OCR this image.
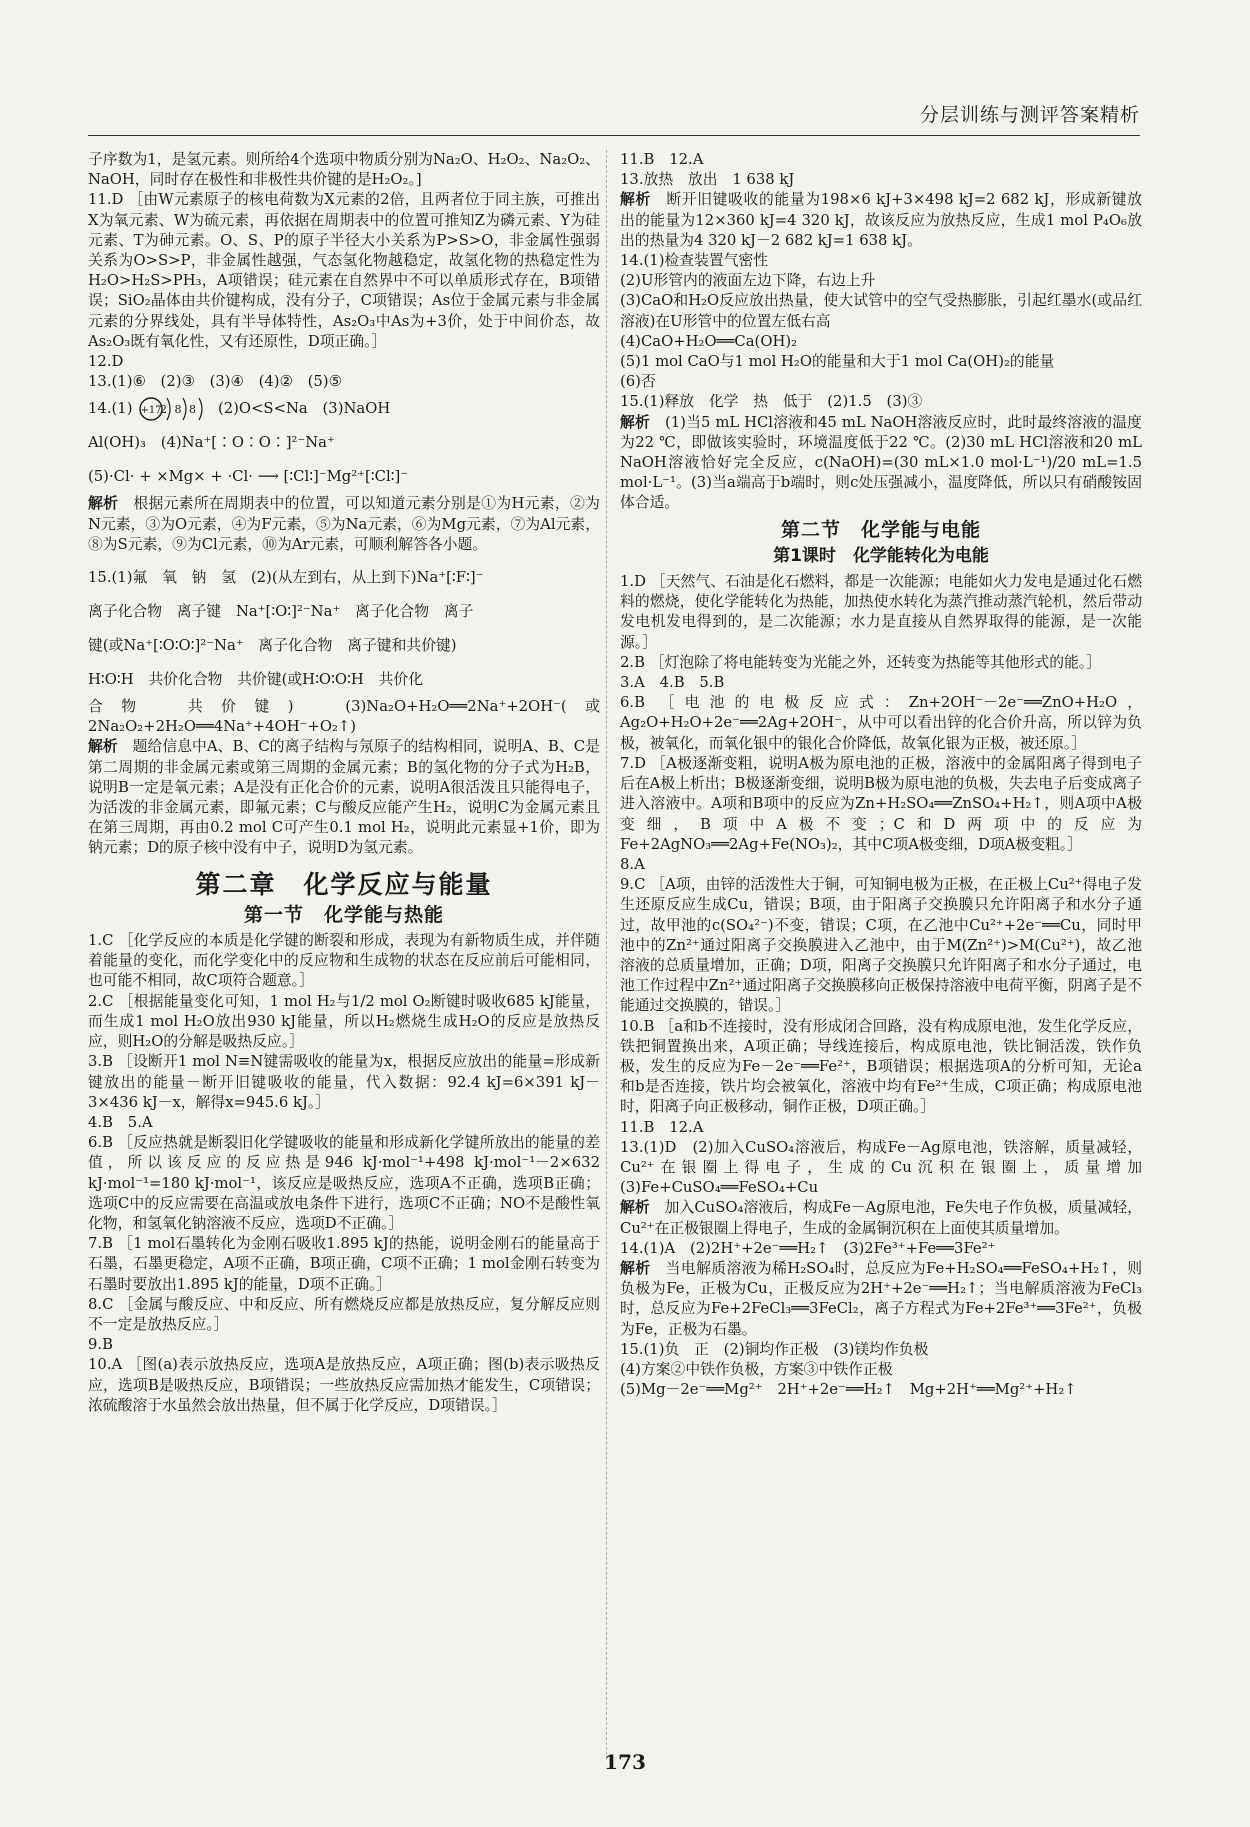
分层训练与测评答案精析

子序数为1，是氢元素。则所给4个选项中物质分别为Na₂O、H₂O₂、Na₂O₂、NaOH，同时存在极性和非极性共价键的是H₂O₂。]

11.D ［由W元素原子的核电荷数为X元素的2倍，且两者位于同主族，可推出X为氧元素、W为硫元素，再依据在周期表中的位置可推知Z为磷元素、Y为硅元素、T为砷元素。O、S、P的原子半径大小关系为P>S>O，非金属性强弱关系为O>S>P，非金属性越强，气态氢化物越稳定，故氢化物的热稳定性为H₂O>H₂S>PH₃，A项错误；硅元素在自然界中不可以单质形式存在，B项错误；SiO₂晶体由共价键构成，没有分子，C项错误；As位于金属元素与非金属元素的分界线处，具有半导体特性，As₂O₃中As为+3价，处于中间价态，故As₂O₃既有氧化性，又有还原性，D项正确。］

12.D

13.(1)⑥　(2)③　(3)④　(4)②　(5)⑤

14.(1) +17
2 8 8 (2)O<S<Na　(3)NaOH

Al(OH)₃　(4)Na⁺[∶O∶O∶]²⁻Na⁺

(5)·Cl· + ×Mg× + ·Cl· ⟶ [∶Cl∶]⁻Mg²⁺[∶Cl∶]⁻

解析　 根据元素所在周期表中的位置，可以知道元素分别是①为H元素，②为N元素，③为O元素，④为F元素，⑤为Na元素，⑥为Mg元素，⑦为Al元素，⑧为S元素，⑨为Cl元素，⑩为Ar元素，可顺利解答各小题。

15.(1)氟　氧　钠　氢　(2)(从左到右，从上到下)Na⁺[∶F∶]⁻

离子化合物　离子键　Na⁺[∶O∶]²⁻Na⁺　离子化合物　离子

键(或Na⁺[∶O∶O∶]²⁻Na⁺　离子化合物　离子键和共价键)

H∶O∶H　共价化合物　共价键(或H∶O∶O∶H　共价化

合物　共价键)　(3)Na₂O+H₂O══2Na⁺+2OH⁻(或2Na₂O₂+2H₂O══4Na⁺+4OH⁻+O₂↑)

解析　 题给信息中A、B、C的离子结构与氖原子的结构相同，说明A、B、C是第二周期的非金属元素或第三周期的金属元素；B的氢化物的分子式为H₂B，说明B一定是氧元素；A是没有正化合价的元素，说明A很活泼且只能得电子，为活泼的非金属元素，即氟元素；C与酸反应能产生H₂，说明C为金属元素且在第三周期，再由0.2 mol C可产生0.1 mol H₂，说明此元素显+1价，即为钠元素；D的原子核中没有中子，说明D为氢元素。

第二章　化学反应与能量
第一节　化学能与热能

1.C ［化学反应的本质是化学键的断裂和形成，表现为有新物质生成，并伴随着能量的变化，而化学变化中的反应物和生成物的状态在反应前后可能相同，也可能不相同，故C项符合题意。］

2.C ［根据能量变化可知，1 mol H₂与1/2 mol O₂断键时吸收685 kJ能量，而生成1 mol H₂O放出930 kJ能量，所以H₂燃烧生成H₂O的反应是放热反应，则H₂O的分解是吸热反应。］

3.B ［设断开1 mol N≡N键需吸收的能量为x，根据反应放出的能量=形成新键放出的能量－断开旧键吸收的能量，代入数据：92.4 kJ=6×391 kJ－3×436 kJ－x，解得x=945.6 kJ。］

4.B　5.A

6.B ［反应热就是断裂旧化学键吸收的能量和形成新化学键所放出的能量的差值，所以该反应的反应热是946 kJ·mol⁻¹+498 kJ·mol⁻¹－2×632 kJ·mol⁻¹=180 kJ·mol⁻¹，该反应是吸热反应，选项A不正确，选项B正确；选项C中的反应需要在高温或放电条件下进行，选项C不正确；NO不是酸性氧化物，和氢氧化钠溶液不反应，选项D不正确。］

7.B ［1 mol石墨转化为金刚石吸收1.895 kJ的热能，说明金刚石的能量高于石墨，石墨更稳定，A项不正确，B项正确，C项不正确；1 mol金刚石转变为石墨时要放出1.895 kJ的能量，D项不正确。］

8.C ［金属与酸反应、中和反应、所有燃烧反应都是放热反应，复分解反应则不一定是放热反应。］

9.B

10.A ［图(a)表示放热反应，选项A是放热反应，A项正确；图(b)表示吸热反应，选项B是吸热反应，B项错误；一些放热反应需加热才能发生，C项错误；浓硫酸溶于水虽然会放出热量，但不属于化学反应，D项错误。］

11.B　12.A

13.放热　放出　1 638 kJ

解析　 断开旧键吸收的能量为198×6 kJ+3×498 kJ=2 682 kJ，形成新键放出的能量为12×360 kJ=4 320 kJ，故该反应为放热反应，生成1 mol P₄O₆放出的热量为4 320 kJ－2 682 kJ=1 638 kJ。

14.(1)检查装置气密性

(2)U形管内的液面左边下降，右边上升

(3)CaO和H₂O反应放出热量，使大试管中的空气受热膨胀，引起红墨水(或品红溶液)在U形管中的位置左低右高

(4)CaO+H₂O══Ca(OH)₂

(5)1 mol CaO与1 mol H₂O的能量和大于1 mol Ca(OH)₂的能量

(6)否

15.(1)释放　化学　热　低于　(2)1.5　(3)③

解析　 (1)当5 mL HCl溶液和45 mL NaOH溶液反应时，此时最终溶液的温度为22 ℃，即做该实验时，环境温度低于22 ℃。(2)30 mL HCl溶液和20 mL NaOH溶液恰好完全反应，c(NaOH)=(30 mL×1.0 mol·L⁻¹)/20 mL=1.5 mol·L⁻¹。(3)当a端高于b端时，则c处压强减小，温度降低，所以只有硝酸铵固体合适。

第二节　化学能与电能
第1课时　化学能转化为电能

1.D ［天然气、石油是化石燃料，都是一次能源；电能如火力发电是通过化石燃料的燃烧，使化学能转化为热能，加热使水转化为蒸汽推动蒸汽轮机，然后带动发电机发电得到的，是二次能源；水力是直接从自然界取得的能源，是一次能源。］

2.B ［灯泡除了将电能转变为光能之外，还转变为热能等其他形式的能。］

3.A　4.B　5.B

6.B ［电池的电极反应式：Zn+2OH⁻－2e⁻══ZnO+H₂O，Ag₂O+H₂O+2e⁻══2Ag+2OH⁻，从中可以看出锌的化合价升高，所以锌为负极，被氧化，而氧化银中的银化合价降低，故氧化银为正极，被还原。］

7.D ［A极逐渐变粗，说明A极为原电池的正极，溶液中的金属阳离子得到电子后在A极上析出；B极逐渐变细，说明B极为原电池的负极，失去电子后变成离子进入溶液中。A项和B项中的反应为Zn+H₂SO₄══ZnSO₄+H₂↑，则A项中A极变细，B项中A极不变；C和D两项中的反应为Fe+2AgNO₃══2Ag+Fe(NO₃)₂，其中C项A极变细，D项A极变粗。］

8.A

9.C ［A项，由锌的活泼性大于铜，可知铜电极为正极，在正极上Cu²⁺得电子发生还原反应生成Cu，错误；B项，由于阳离子交换膜只允许阳离子和水分子通过，故甲池的c(SO₄²⁻)不变，错误；C项，在乙池中Cu²⁺+2e⁻══Cu，同时甲池中的Zn²⁺通过阳离子交换膜进入乙池中，由于M(Zn²⁺)>M(Cu²⁺)，故乙池溶液的总质量增加，正确；D项，阳离子交换膜只允许阳离子和水分子通过，电池工作过程中Zn²⁺通过阳离子交换膜移向正极保持溶液中电荷平衡，阴离子是不能通过交换膜的，错误。］

10.B ［a和b不连接时，没有形成闭合回路，没有构成原电池，发生化学反应，铁把铜置换出来，A项正确；导线连接后，构成原电池，铁比铜活泼，铁作负极，发生的反应为Fe－2e⁻══Fe²⁺，B项错误；根据选项A的分析可知，无论a和b是否连接，铁片均会被氧化，溶液中均有Fe²⁺生成，C项正确；构成原电池时，阳离子向正极移动，铜作正极，D项正确。］

11.B　12.A

13.(1)D　(2)加入CuSO₄溶液后，构成Fe－Ag原电池，铁溶解，质量减轻，Cu²⁺在银圈上得电子，生成的Cu沉积在银圈上，质量增加　(3)Fe+CuSO₄══FeSO₄+Cu

解析　 加入CuSO₄溶液后，构成Fe－Ag原电池，Fe失电子作负极，质量减轻，Cu²⁺在正极银圈上得电子，生成的金属铜沉积在上面使其质量增加。

14.(1)A　(2)2H⁺+2e⁻══H₂↑　(3)2Fe³⁺+Fe══3Fe²⁺

解析　 当电解质溶液为稀H₂SO₄时，总反应为Fe+H₂SO₄══FeSO₄+H₂↑，则负极为Fe，正极为Cu，正极反应为2H⁺+2e⁻══H₂↑；当电解质溶液为FeCl₃时，总反应为Fe+2FeCl₃══3FeCl₂，离子方程式为Fe+2Fe³⁺══3Fe²⁺，负极为Fe，正极为石墨。

15.(1)负　正　(2)铜均作正极　(3)镁均作负极

(4)方案②中铁作负极，方案③中铁作正极

(5)Mg－2e⁻══Mg²⁺　2H⁺+2e⁻══H₂↑　Mg+2H⁺══Mg²⁺+H₂↑

173
